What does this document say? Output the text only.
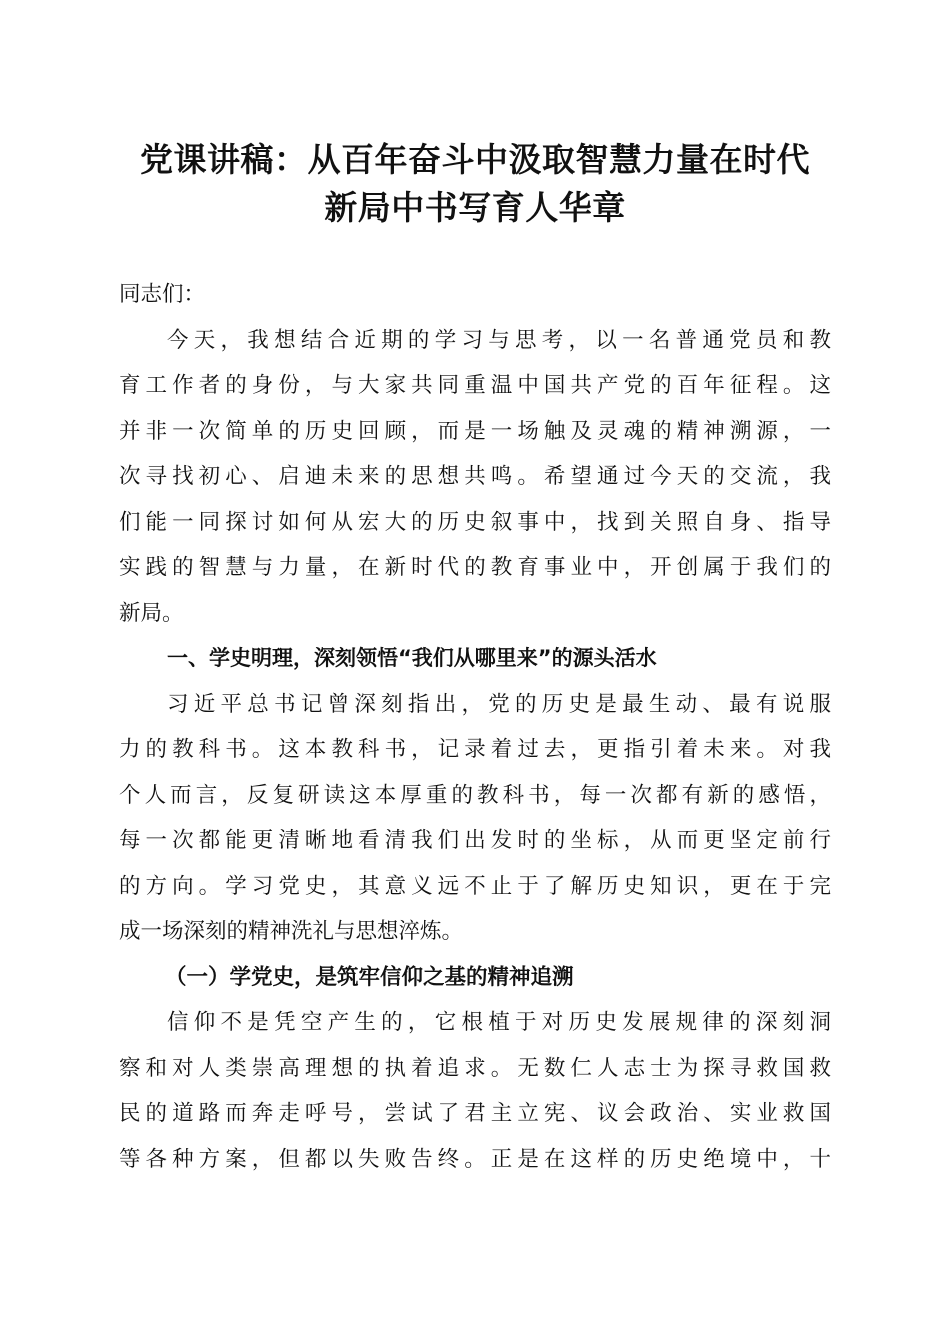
党课讲稿：从百年奋斗中汲取智慧力量在时代
新局中书写育人华章
同志们：
今天，我想结合近期的学习与思考，以一名普通党员和教
育工作者的身份，与大家共同重温中国共产党的百年征程。这
并非一次简单的历史回顾，而是一场触及灵魂的精神溯源，一
次寻找初心、启迪未来的思想共鸣。希望通过今天的交流，我
们能一同探讨如何从宏大的历史叙事中，找到关照自身、指导
实践的智慧与力量，在新时代的教育事业中，开创属于我们的
新局。
一、学史明理，深刻领悟“我们从哪里来”的源头活水
习近平总书记曾深刻指出，党的历史是最生动、最有说服
力的教科书。这本教科书，记录着过去，更指引着未来。对我
个人而言，反复研读这本厚重的教科书，每一次都有新的感悟，
每一次都能更清晰地看清我们出发时的坐标，从而更坚定前行
的方向。学习党史，其意义远不止于了解历史知识，更在于完
成一场深刻的精神洗礼与思想淬炼。
（一）学党史，是筑牢信仰之基的精神追溯
信仰不是凭空产生的，它根植于对历史发展规律的深刻洞
察和对人类崇高理想的执着追求。无数仁人志士为探寻救国救
民的道路而奔走呼号，尝试了君主立宪、议会政治、实业救国
等各种方案，但都以失败告终。正是在这样的历史绝境中，十
